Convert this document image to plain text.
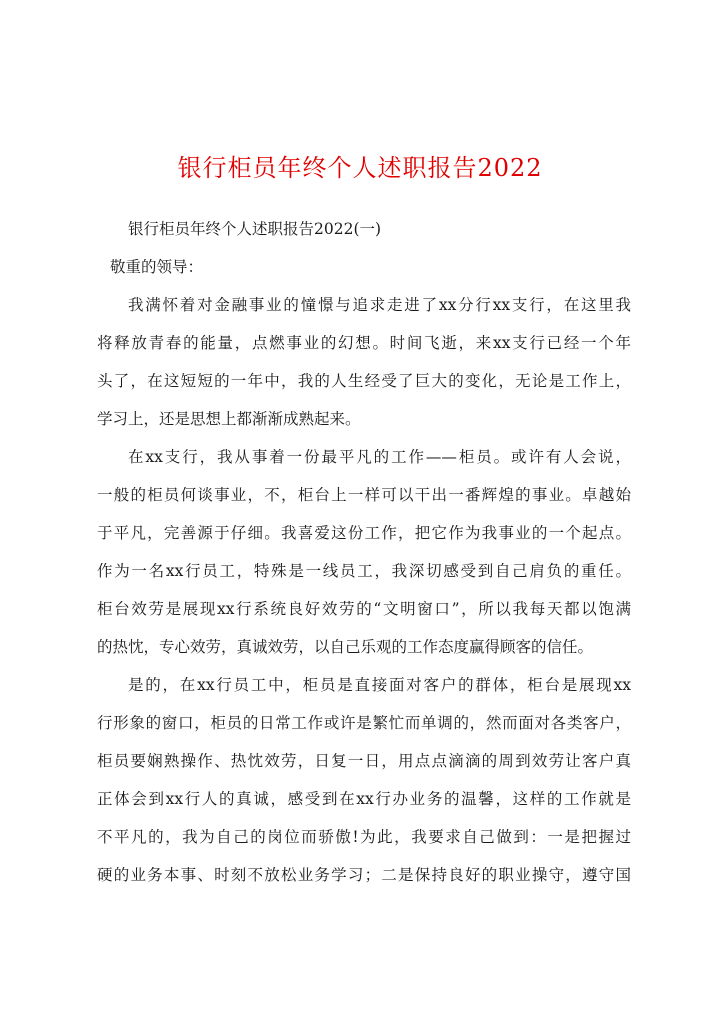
银行柜员年终个人述职报告2022
银行柜员年终个人述职报告2022(一)
敬重的领导：
我满怀着对金融事业的憧憬与追求走进了xx分行xx支行，在这里我
将释放青春的能量，点燃事业的幻想。时间飞逝，来xx支行已经一个年
头了，在这短短的一年中，我的人生经受了巨大的变化，无论是工作上，
学习上，还是思想上都渐渐成熟起来。
在xx支行，我从事着一份最平凡的工作——柜员。或许有人会说，
一般的柜员何谈事业，不，柜台上一样可以干出一番辉煌的事业。卓越始
于平凡，完善源于仔细。我喜爱这份工作，把它作为我事业的一个起点。
作为一名xx行员工，特殊是一线员工，我深切感受到自己肩负的重任。
柜台效劳是展现xx行系统良好效劳的“文明窗口”，所以我每天都以饱满
的热忱，专心效劳，真诚效劳，以自己乐观的工作态度赢得顾客的信任。
是的，在xx行员工中，柜员是直接面对客户的群体，柜台是展现xx
行形象的窗口，柜员的日常工作或许是繁忙而单调的，然而面对各类客户，
柜员要娴熟操作、热忱效劳，日复一日，用点点滴滴的周到效劳让客户真
正体会到xx行人的真诚，感受到在xx行办业务的温馨，这样的工作就是
不平凡的，我为自己的岗位而骄傲!为此，我要求自己做到：一是把握过
硬的业务本事、时刻不放松业务学习；二是保持良好的职业操守，遵守国
